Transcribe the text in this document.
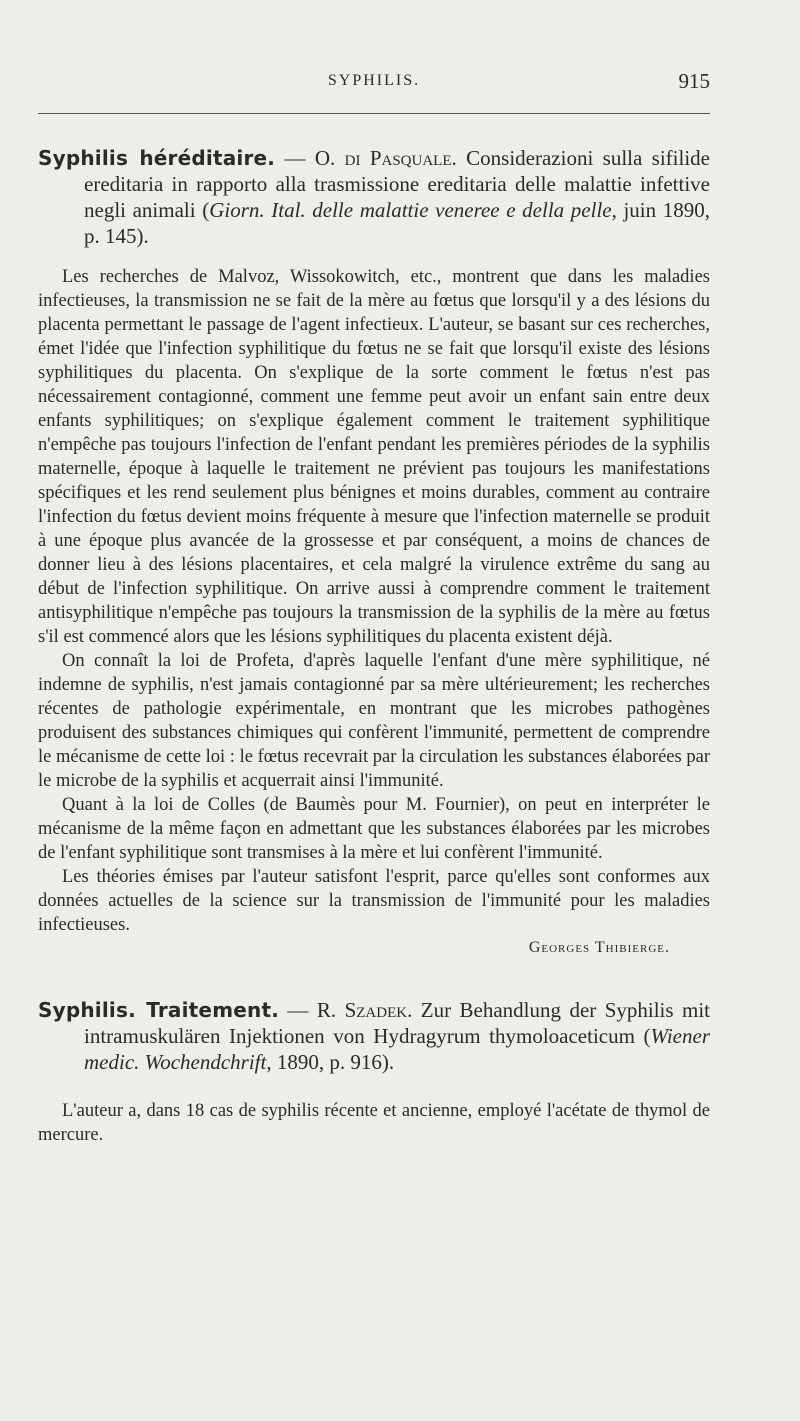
SYPHILIS.	915

Syphilis héréditaire. — O. di Pasquale. Considerazioni sulla sifilide ereditaria in rapporto alla trasmissione ereditaria delle malattie infettive negli animali (Giorn. Ital. delle malattie veneree e della pelle, juin 1890, p. 145).

Les recherches de Malvoz, Wissokowitch, etc., montrent que dans les maladies infectieuses, la transmission ne se fait de la mère au fœtus que lorsqu'il y a des lésions du placenta permettant le passage de l'agent infectieux. L'auteur, se basant sur ces recherches, émet l'idée que l'infection syphilitique du fœtus ne se fait que lorsqu'il existe des lésions syphilitiques du placenta. On s'explique de la sorte comment le fœtus n'est pas nécessairement contagionné, comment une femme peut avoir un enfant sain entre deux enfants syphilitiques; on s'explique également comment le traitement syphilitique n'empêche pas toujours l'infection de l'enfant pendant les premières périodes de la syphilis maternelle, époque à laquelle le traitement ne prévient pas toujours les manifestations spécifiques et les rend seulement plus bénignes et moins durables, comment au contraire l'infection du fœtus devient moins fréquente à mesure que l'infection maternelle se produit à une époque plus avancée de la grossesse et par conséquent, a moins de chances de donner lieu à des lésions placentaires, et cela malgré la virulence extrême du sang au début de l'infection syphilitique. On arrive aussi à comprendre comment le traitement antisyphilitique n'empêche pas toujours la transmission de la syphilis de la mère au fœtus s'il est commencé alors que les lésions syphilitiques du placenta existent déjà.

On connaît la loi de Profeta, d'après laquelle l'enfant d'une mère syphilitique, né indemne de syphilis, n'est jamais contagionné par sa mère ultérieurement; les recherches récentes de pathologie expérimentale, en montrant que les microbes pathogènes produisent des substances chimiques qui confèrent l'immunité, permettent de comprendre le mécanisme de cette loi : le fœtus recevrait par la circulation les substances élaborées par le microbe de la syphilis et acquerrait ainsi l'immunité.

Quant à la loi de Colles (de Baumès pour M. Fournier), on peut en interpréter le mécanisme de la même façon en admettant que les substances élaborées par les microbes de l'enfant syphilitique sont transmises à la mère et lui confèrent l'immunité.

Les théories émises par l'auteur satisfont l'esprit, parce qu'elles sont conformes aux données actuelles de la science sur la transmission de l'immunité pour les maladies infectieuses.

Georges Thibierge.

Syphilis. Traitement. — R. Szadek. Zur Behandlung der Syphilis mit intramuskulären Injektionen von Hydragyrum thymoloaceticum (Wiener medic. Wochendchrift, 1890, p. 916).

L'auteur a, dans 18 cas de syphilis récente et ancienne, employé l'acétate de thymol de mercure.
